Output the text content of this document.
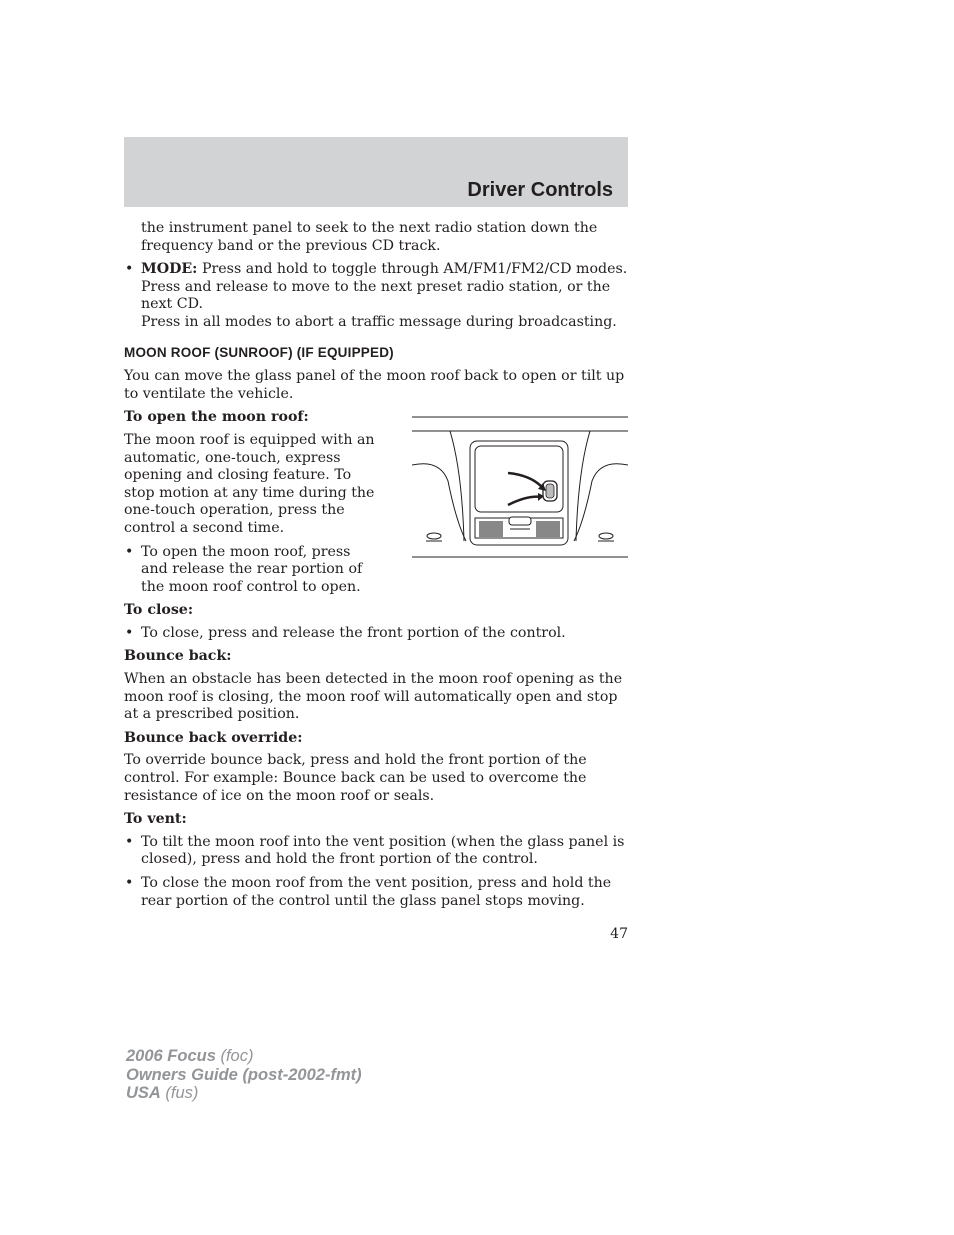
Driver Controls

the instrument panel to seek to the next radio station down the frequency band or the previous CD track.

• MODE: Press and hold to toggle through AM/FM1/FM2/CD modes. Press and release to move to the next preset radio station, or the next CD.
Press in all modes to abort a traffic message during broadcasting.
MOON ROOF (SUNROOF) (IF EQUIPPED)

You can move the glass panel of the moon roof back to open or tilt up to ventilate the vehicle.

To open the moon roof:

The moon roof is equipped with an automatic, one-touch, express opening and closing feature. To stop motion at any time during the one-touch operation, press the control a second time.

• To open the moon roof, press and release the rear portion of the moon roof control to open.

To close:

• To close, press and release the front portion of the control.

Bounce back:

When an obstacle has been detected in the moon roof opening as the moon roof is closing, the moon roof will automatically open and stop at a prescribed position.

Bounce back override:

To override bounce back, press and hold the front portion of the control. For example: Bounce back can be used to overcome the resistance of ice on the moon roof or seals.

To vent:

• To tilt the moon roof into the vent position (when the glass panel is closed), press and hold the front portion of the control.
• To close the moon roof from the vent position, press and hold the rear portion of the control until the glass panel stops moving.
47
2006 Focus (foc)
Owners Guide (post-2002-fmt)
USA (fus)
